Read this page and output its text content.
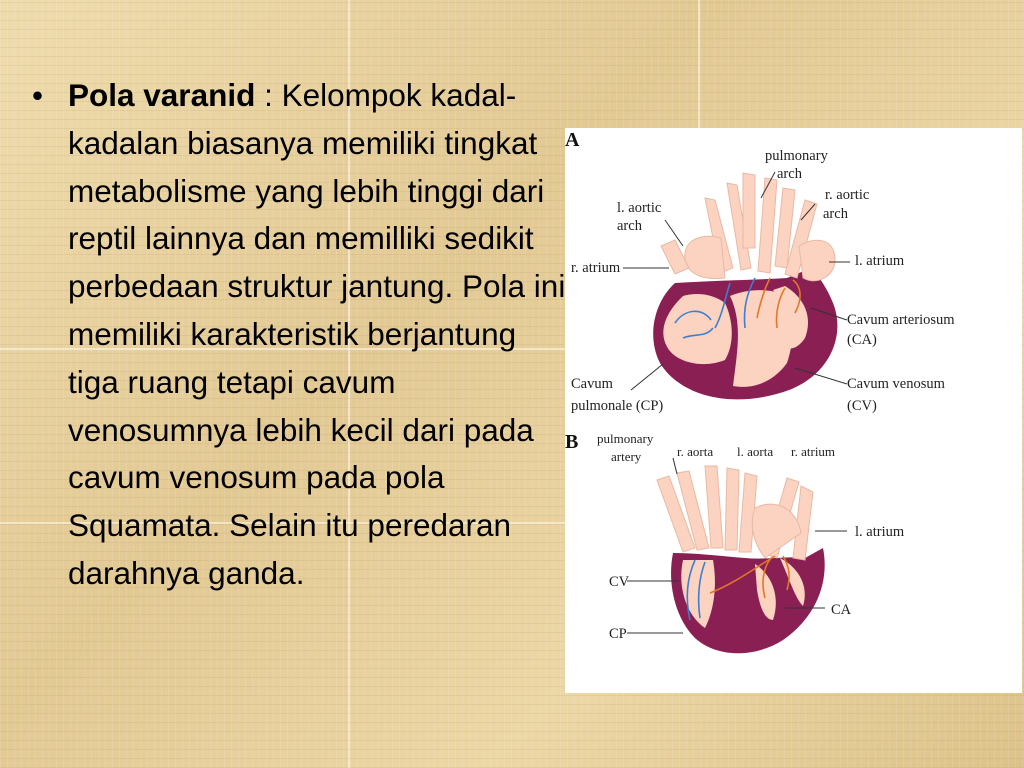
• Pola varanid : Kelompok kadal-kadalan biasanya memiliki tingkat metabolisme yang lebih tinggi dari reptil lainnya dan memilliki sedikit perbedaan struktur jantung. Pola ini memiliki karakteristik berjantung tiga ruang tetapi cavum venosumnya lebih kecil dari pada cavum venosum pada pola Squamata. Selain itu peredaran darahnya ganda.
A
pulmonary
arch
l. aortic
arch
r. aortic
arch
r. atrium	l. atrium
Cavum arteriosum
(CA)
Cavum
pulmonale (CP)
Cavum venosum
(CV)
B pulmonary
artery	r. aorta l. aorta r. atrium
l. atrium
CV
CA
CP
